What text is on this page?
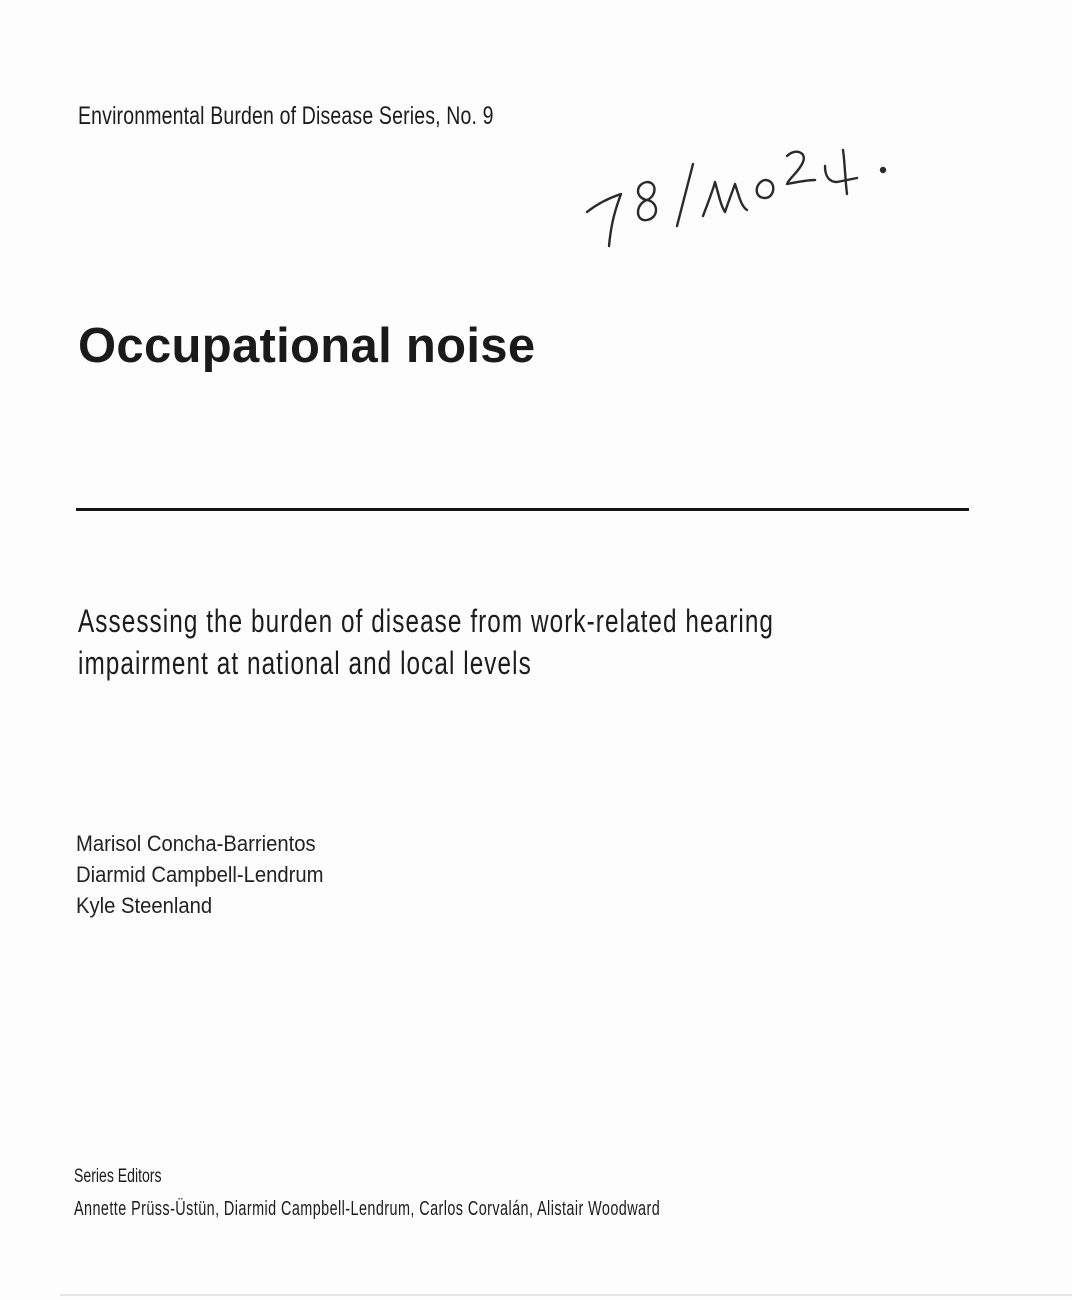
Environmental Burden of Disease Series, No. 9
Occupational noise
Assessing the burden of disease from work-related hearing
impairment at national and local levels
Marisol Concha-Barrientos
Diarmid Campbell-Lendrum
Kyle Steenland
Series Editors
Annette Prüss-Üstün, Diarmid Campbell-Lendrum, Carlos Corvalán, Alistair Woodward
